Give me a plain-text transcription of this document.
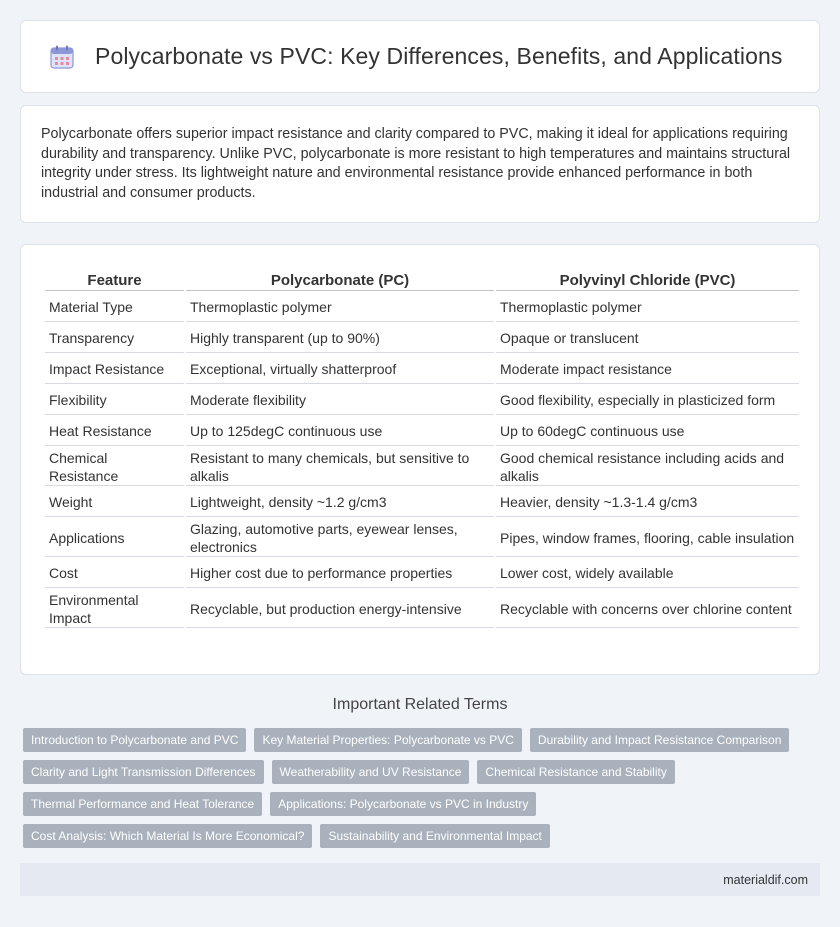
Polycarbonate vs PVC: Key Differences, Benefits, and Applications

Polycarbonate offers superior impact resistance and clarity compared to PVC, making it ideal for applications requiring durability and transparency. Unlike PVC, polycarbonate is more resistant to high temperatures and maintains structural integrity under stress. Its lightweight nature and environmental resistance provide enhanced performance in both industrial and consumer products.

Feature	Polycarbonate (PC)	Polyvinyl Chloride (PVC)
Material Type	Thermoplastic polymer	Thermoplastic polymer
Transparency	Highly transparent (up to 90%)	Opaque or translucent
Impact Resistance	Exceptional, virtually shatterproof	Moderate impact resistance
Flexibility	Moderate flexibility	Good flexibility, especially in plasticized form
Heat Resistance	Up to 125degC continuous use	Up to 60degC continuous use
Chemical Resistance	Resistant to many chemicals, but sensitive to alkalis	Good chemical resistance including acids and alkalis
Weight	Lightweight, density ~1.2 g/cm3	Heavier, density ~1.3-1.4 g/cm3
Applications	Glazing, automotive parts, eyewear lenses, electronics	Pipes, window frames, flooring, cable insulation
Cost	Higher cost due to performance properties	Lower cost, widely available
Environmental Impact	Recyclable, but production energy-intensive	Recyclable with concerns over chlorine content
Important Related Terms
Introduction to Polycarbonate and PVC	Key Material Properties: Polycarbonate vs PVC	Durability and Impact Resistance Comparison
Clarity and Light Transmission Differences	Weatherability and UV Resistance	Chemical Resistance and Stability
Thermal Performance and Heat Tolerance	Applications: Polycarbonate vs PVC in Industry
Cost Analysis: Which Material Is More Economical?	Sustainability and Environmental Impact
materialdif.com
